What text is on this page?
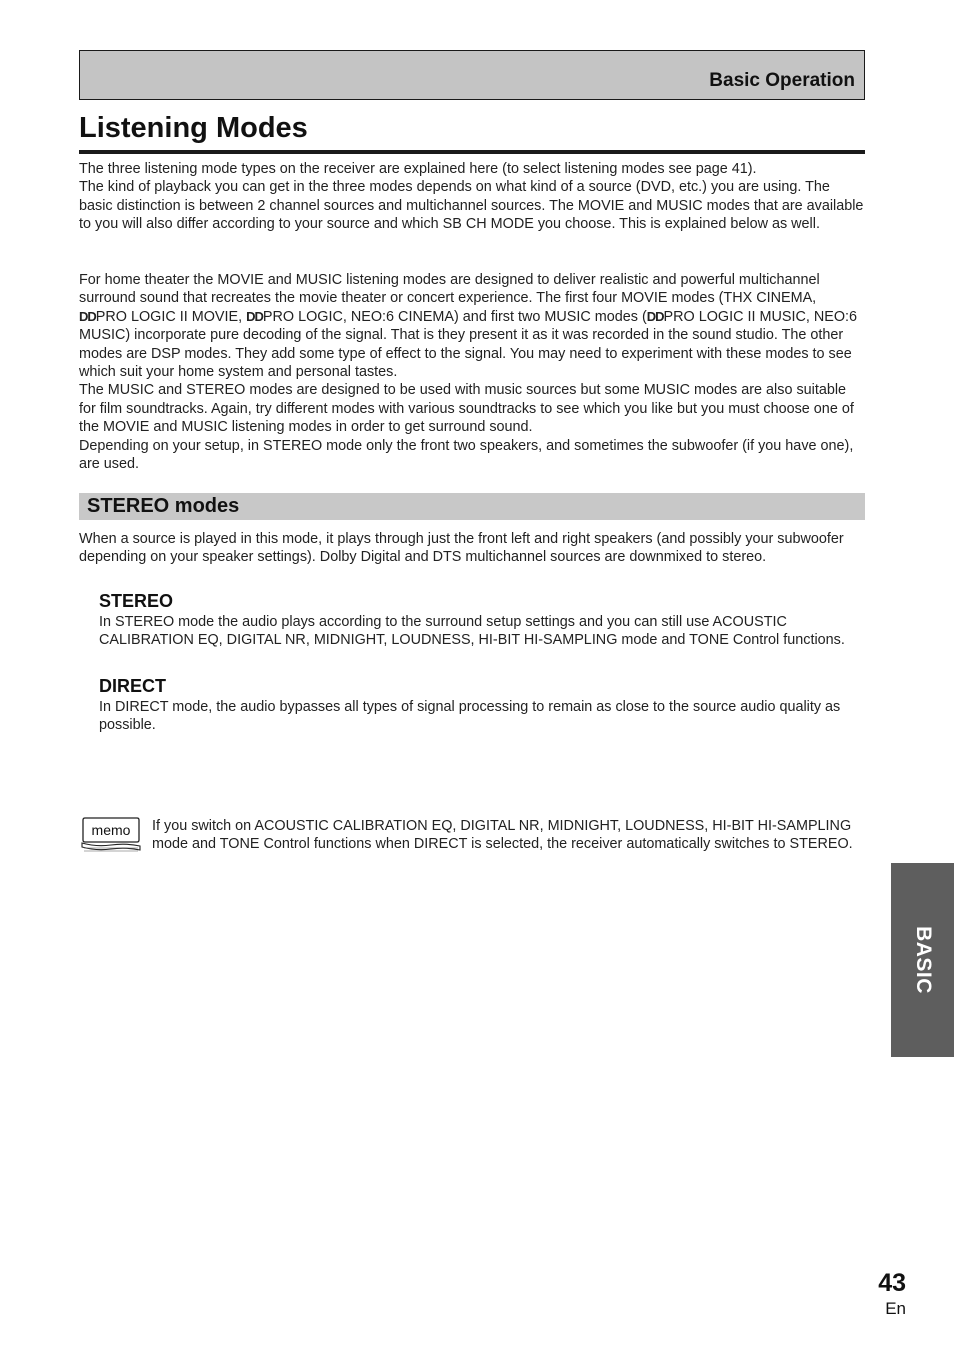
Basic Operation
Listening Modes

The three listening mode types on the receiver are explained here (to select listening modes see page 41).

The kind of playback you can get in the three modes depends on what kind of a source (DVD, etc.) you are using. The basic distinction is between 2 channel sources and multichannel sources. The MOVIE and MUSIC modes that are available to you will also differ according to your source and which SB CH MODE you choose. This is explained below as well.

For home theater the MOVIE and MUSIC listening modes are designed to deliver realistic and powerful multichannel surround sound that recreates the movie theater or concert experience. The first four MOVIE modes (THX CINEMA, DDPRO LOGIC II MOVIE, DDPRO LOGIC, NEO:6 CINEMA) and first two MUSIC modes (DDPRO LOGIC II MUSIC, NEO:6 MUSIC) incorporate pure decoding of the signal. That is they present it as it was recorded in the sound studio. The other modes are DSP modes. They add some type of effect to the signal. You may need to experiment with these modes to see which suit your home system and personal tastes.

The MUSIC and STEREO modes are designed to be used with music sources but some MUSIC modes are also suitable for film soundtracks. Again, try different modes with various soundtracks to see which you like but you must choose one of the MOVIE and MUSIC listening modes in order to get surround sound.

Depending on your setup, in STEREO mode only the front two speakers, and sometimes the subwoofer (if you have one), are used.

STEREO modes
When a source is played in this mode, it plays through just the front left and right speakers (and possibly your subwoofer depending on your speaker settings). Dolby Digital and DTS multichannel sources are downmixed to stereo.
STEREO
In STEREO mode the audio plays according to the surround setup settings and you can still use ACOUSTIC CALIBRATION EQ, DIGITAL NR, MIDNIGHT, LOUDNESS, HI-BIT HI-SAMPLING mode and TONE Control functions.
DIRECT
In DIRECT mode, the audio bypasses all types of signal processing to remain as close to the source audio quality as possible.
memo If you switch on ACOUSTIC CALIBRATION EQ, DIGITAL NR, MIDNIGHT, LOUDNESS, HI-BIT HI-SAMPLING mode and TONE Control functions when DIRECT is selected, the receiver automatically switches to STEREO.
BASIC
43
En
